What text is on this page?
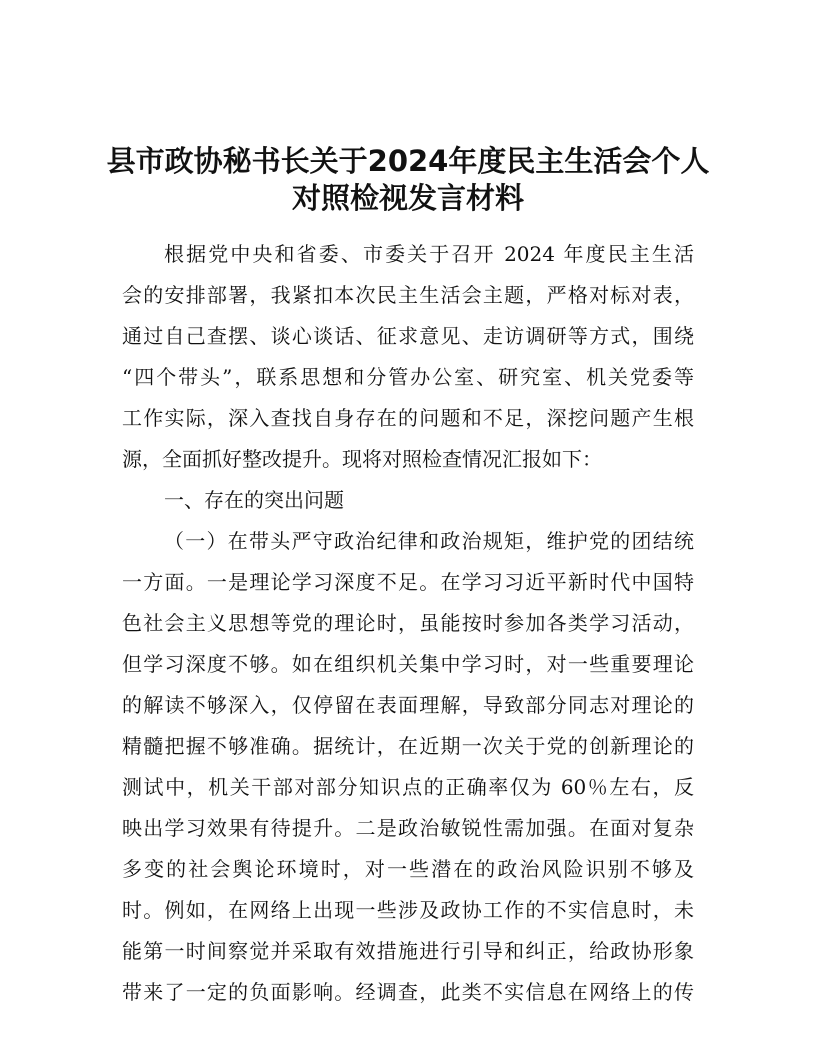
县市政协秘书长关于2024年度民主生活会个人
对照检视发言材料
根据党中央和省委、市委关于召开 2024 年度民主生活
会的安排部署，我紧扣本次民主生活会主题，严格对标对表，
通过自己查摆、谈心谈话、征求意见、走访调研等方式，围绕
“四个带头”，联系思想和分管办公室、研究室、机关党委等
工作实际，深入查找自身存在的问题和不足，深挖问题产生根
源，全面抓好整改提升。现将对照检查情况汇报如下：
一、存在的突出问题
（一）在带头严守政治纪律和政治规矩，维护党的团结统
一方面。一是理论学习深度不足。在学习习近平新时代中国特
色社会主义思想等党的理论时，虽能按时参加各类学习活动，
但学习深度不够。如在组织机关集中学习时，对一些重要理论
的解读不够深入，仅停留在表面理解，导致部分同志对理论的
精髓把握不够准确。据统计，在近期一次关于党的创新理论的
测试中，机关干部对部分知识点的正确率仅为 60％左右，反
映出学习效果有待提升。二是政治敏锐性需加强。在面对复杂
多变的社会舆论环境时，对一些潜在的政治风险识别不够及
时。例如，在网络上出现一些涉及政协工作的不实信息时，未
能第一时间察觉并采取有效措施进行引导和纠正，给政协形象
带来了一定的负面影响。经调查，此类不实信息在网络上的传
